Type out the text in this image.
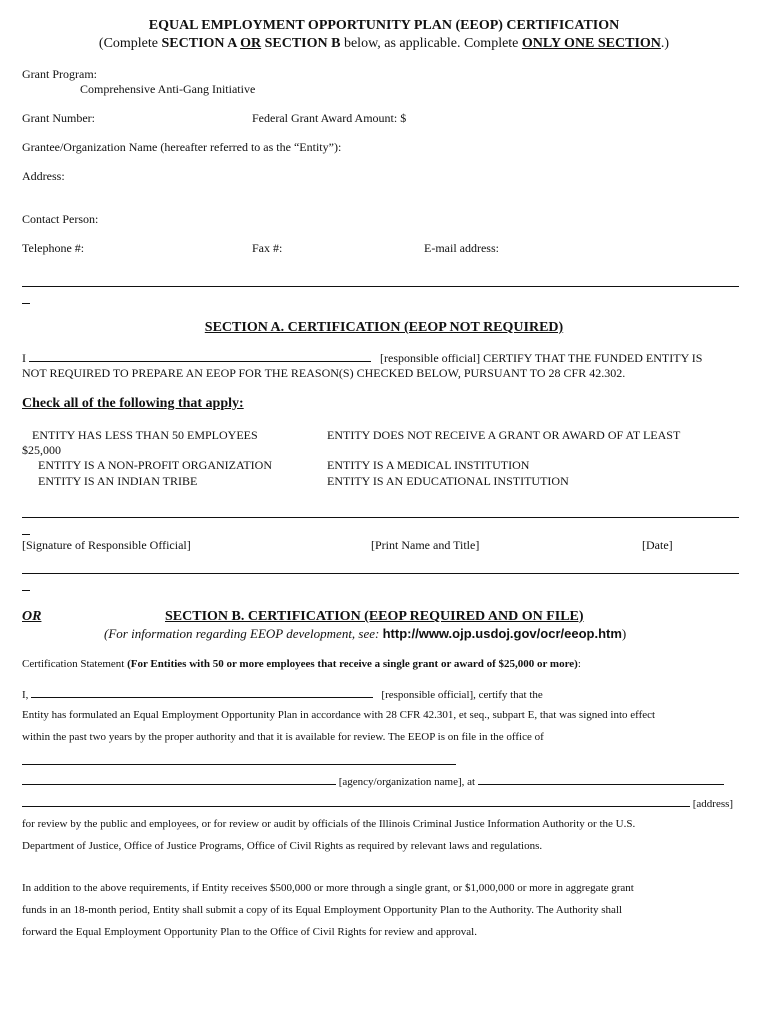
EQUAL EMPLOYMENT OPPORTUNITY PLAN (EEOP) CERTIFICATION
(Complete SECTION A OR SECTION B below, as applicable. Complete ONLY ONE SECTION.)
Grant Program:
Comprehensive Anti-Gang Initiative
Grant Number:	Federal Grant Award Amount: $
Grantee/Organization Name (hereafter referred to as the “Entity”):
Address:
Contact Person:
Telephone #:	Fax #:	E-mail address:
SECTION A. CERTIFICATION (EEOP NOT REQUIRED)
I	[responsible official] CERTIFY THAT THE FUNDED ENTITY IS
NOT REQUIRED TO PREPARE AN EEOP FOR THE REASON(S) CHECKED BELOW, PURSUANT TO 28 CFR 42.302.
Check all of the following that apply:
ENTITY HAS LESS THAN 50 EMPLOYEES	ENTITY DOES NOT RECEIVE A GRANT OR AWARD OF AT LEAST
$25,000
ENTITY IS A NON-PROFIT ORGANIZATION	ENTITY IS A MEDICAL INSTITUTION
ENTITY IS AN INDIAN TRIBE	ENTITY IS AN EDUCATIONAL INSTITUTION
[Signature of Responsible Official]	[Print Name and Title]	[Date]
OR	SECTION B. CERTIFICATION (EEOP REQUIRED AND ON FILE)
(For information regarding EEOP development, see: http://www.ojp.usdoj.gov/ocr/eeop.htm)
Certification Statement (For Entities with 50 or more employees that receive a single grant or award of $25,000 or more):
I,	[responsible official], certify that the
Entity has formulated an Equal Employment Opportunity Plan in accordance with 28 CFR 42.301, et seq., subpart E, that was signed into effect
within the past two years by the proper authority and that it is available for review. The EEOP is on file in the office of
[agency/organization name], at
[address]
for review by the public and employees, or for review or audit by officials of the Illinois Criminal Justice Information Authority or the U.S.
Department of Justice, Office of Justice Programs, Office of Civil Rights as required by relevant laws and regulations.
In addition to the above requirements, if Entity receives $500,000 or more through a single grant, or $1,000,000 or more in aggregate grant
funds in an 18-month period, Entity shall submit a copy of its Equal Employment Opportunity Plan to the Authority. The Authority shall
forward the Equal Employment Opportunity Plan to the Office of Civil Rights for review and approval.
